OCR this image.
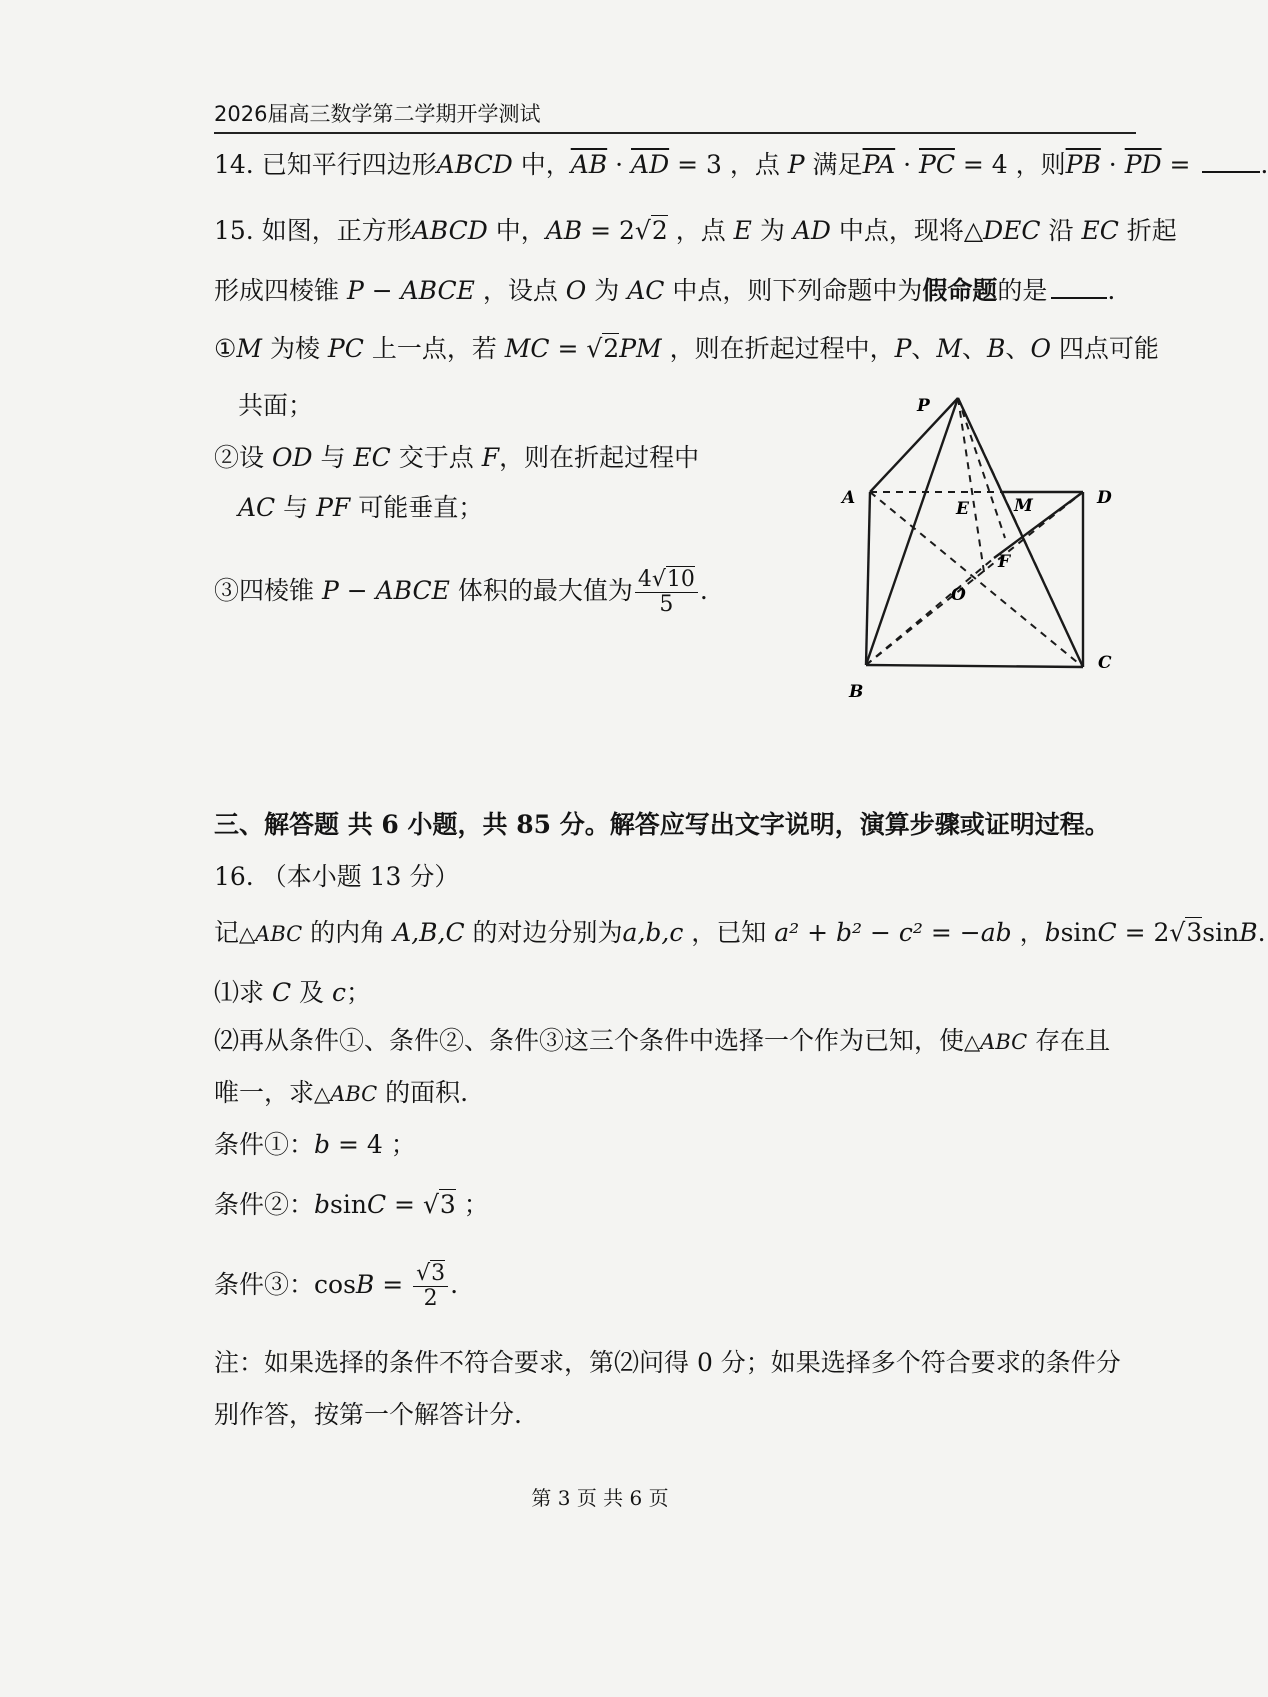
2026届高三数学第二学期开学测试
14. 已知平行四边形ABCD 中，$\overline{AB} \cdot \overline{AD} = 3$ ，点 P 满足$\overline{PA} \cdot \overline{PC} = 4$ ，则$\overline{PB} \cdot \overline{PD}$ = .
15. 如图，正方形ABCD 中，AB = 2√2 ，点 E 为 AD 中点，现将△DEC 沿 EC 折起
形成四棱锥 P − ABCE ，设点 O 为 AC 中点，则下列命题中为假命题的是 .
①M 为棱 PC 上一点，若 MC = √2PM ，则在折起过程中，P、M、B、O 四点可能
共面；
②设 OD 与 EC 交于点 F，则在折起过程中
AC 与 PF 可能垂直；
③四棱锥 P − ABCE 体积的最大值为 $\frac{4√10}{5}$ .
P
A
E	M	D
F
O
B
C
三、解答题 共 6 小题，共 85 分。解答应写出文字说明，演算步骤或证明过程。
16. （本小题 13 分）
记△ABC 的内角 A,B,C 的对边分别为a,b,c ，已知 a² + b² − c² = −ab ，bsinC = 2√3sinB.
⑴求 C 及 c；
⑵再从条件①、条件②、条件③这三个条件中选择一个作为已知，使△ABC 存在且
唯一，求△ABC 的面积.
条件①：b = 4 ；
条件②：bsinC = √3 ；
条件③：$\cos B = \frac{√3}{2}$ .
注：如果选择的条件不符合要求，第⑵问得 0 分；如果选择多个符合要求的条件分
别作答，按第一个解答计分.
第 3 页 共 6 页
